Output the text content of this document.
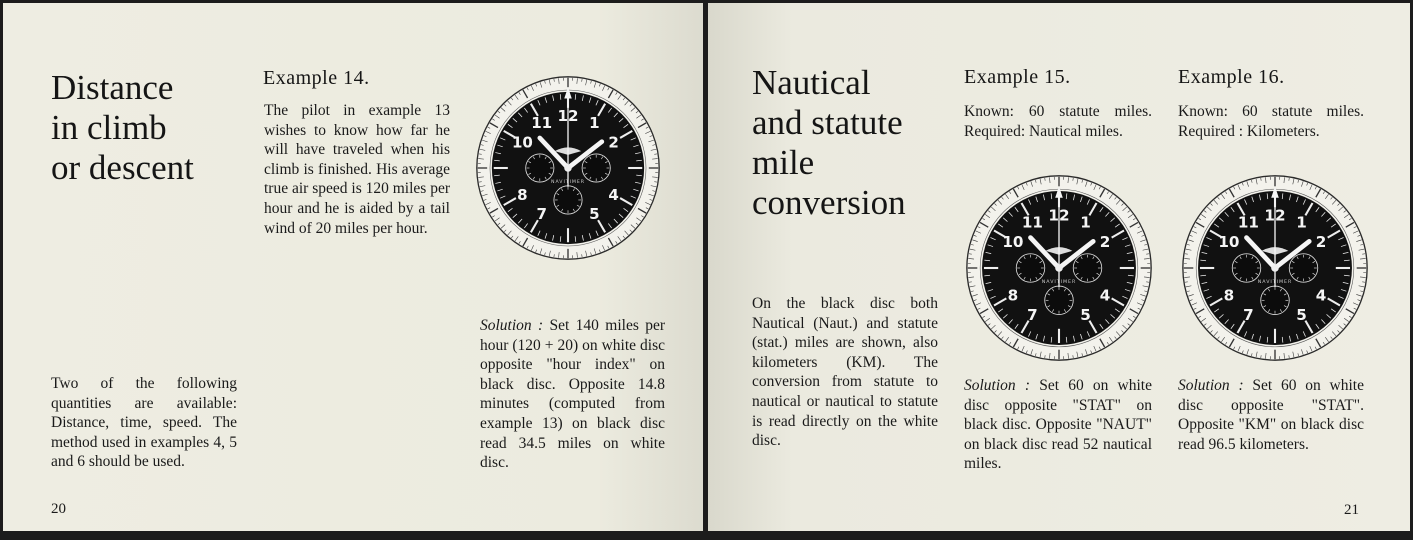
Distance
in climb
or descent
Example 14.

The pilot in example 13 wishes to know how far he will have traveled when his climb is finished. His average true air speed is 120 miles per hour and he is aided by a tail wind of 20 miles per hour.

12
2
4
5
7
8
10
11 1
NAVITIMER

Two of the following quantities are available: Distance, time, speed. The method used in examples 4, 5 and 6 should be used.

Solution : Set 140 miles per hour (120 + 20) on white disc opposite "hour index" on black disc. Opposite 14.8 minutes (computed from example 13) on black disc read 34.5 miles on white disc.

20
Nautical
and statute
mile
conversion
Example 15.

Known: 60 statute miles. Required: Nautical miles.

Example 16.

Known: 60 statute miles. Required : Kilometers.

12
2
4
5
7
8
10
11 1
NAVITIMER
12
2
4
5
7
8
10
11 1
NAVITIMER

On the black disc both Nautical (Naut.) and statute (stat.) miles are shown, also kilometers (KM). The conversion from statute to nautical or nautical to statute is read directly on the white disc.

Solution : Set 60 on white disc opposite "STAT" on black disc. Opposite "NAUT" on black disc read 52 nautical miles.

Solution : Set 60 on white disc opposite "STAT". Opposite "KM" on black disc read 96.5 kilometers.

21
